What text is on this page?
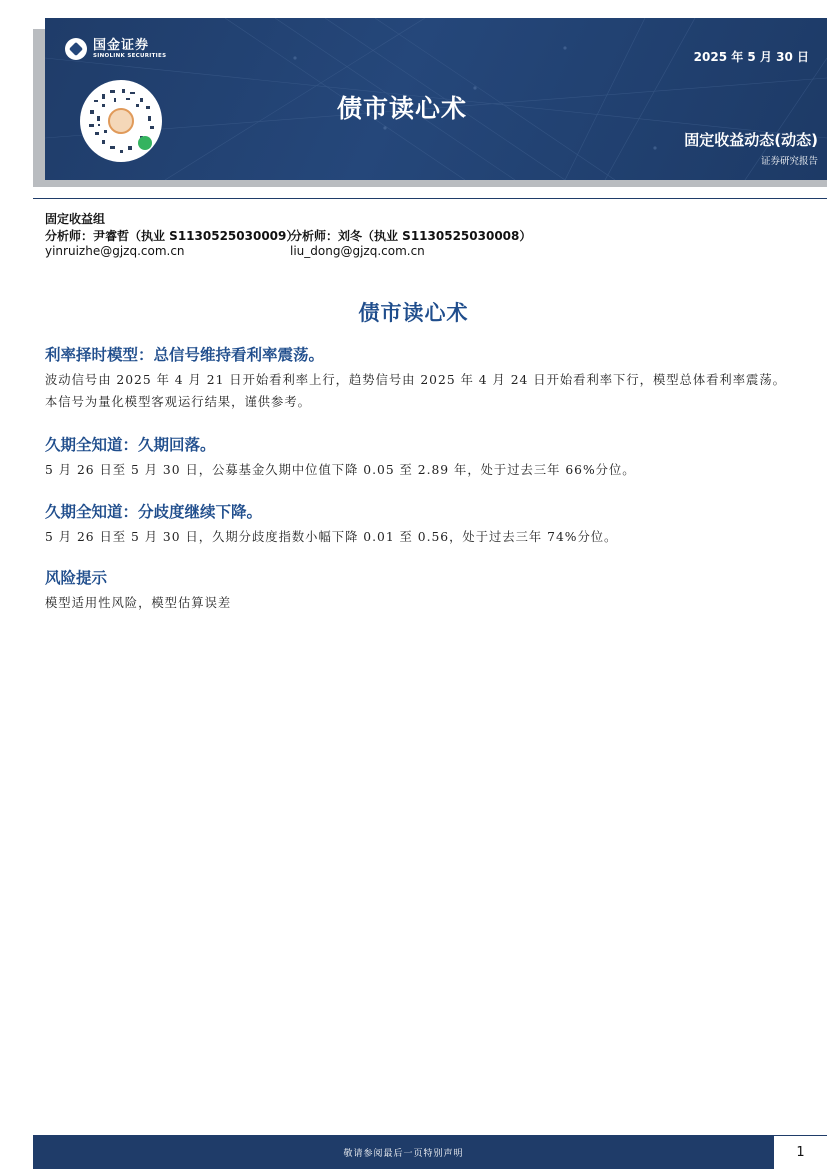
国金证券
SINOLINK SECURITIES	2025 年 5 月 30 日
债市读心术
固定收益动态(动态)
证券研究报告
固定收益组
分析师：尹睿哲（执业 S1130525030009）
分析师：刘冬（执业 S1130525030008）
yinruizhe@gjzq.com.cn	liu_dong@gjzq.com.cn
债市读心术
利率择时模型：总信号维持看利率震荡。

波动信号由 2025 年 4 月 21 日开始看利率上行，趋势信号由 2025 年 4 月 24 日开始看利率下行，模型总体看利率震荡。本信号为量化模型客观运行结果，谨供参考。

久期全知道：久期回落。

5 月 26 日至 5 月 30 日，公募基金久期中位值下降 0.05 至 2.89 年，处于过去三年 66%分位。

久期全知道：分歧度继续下降。

5 月 26 日至 5 月 30 日，久期分歧度指数小幅下降 0.01 至 0.56，处于过去三年 74%分位。

风险提示

模型适用性风险，模型估算误差

敬请参阅最后一页特别声明	1
